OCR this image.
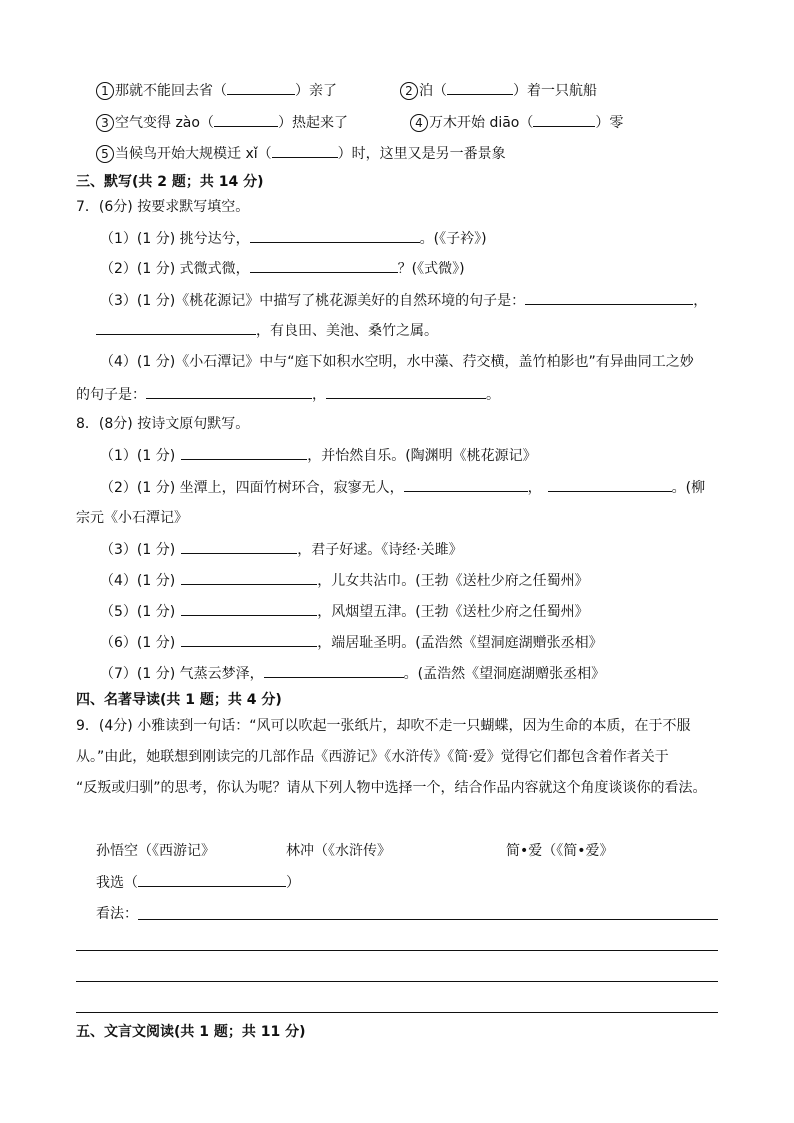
1 那就不能回去省（	）亲了	2 泊（	）着一只航船
3 空气变得 zào（	）热起来了	4 万木开始 diāo（	）零
5 当候鸟开始大规模迁 xǐ（	）时，这里又是另一番景象
三、默写(共 2 题；共 14 分)
7．(6分) 按要求默写填空。
（1）(1 分) 挑兮达兮，	。(《子衿》)
（2）(1 分) 式微式微，	？(《式微》)
（3）(1 分)《桃花源记》中描写了桃花源美好的自然环境的句子是：	，
，有良田、美池、桑竹之属。
（4）(1 分)《小石潭记》中与“庭下如积水空明，水中藻、荇交横，盖竹柏影也”有异曲同工之妙
的句子是：	，	。
8．(8分) 按诗文原句默写。
（1）(1 分)	，并怡然自乐。(陶渊明《桃花源记》
（2）(1 分) 坐潭上，四面竹树环合，寂寥无人，	，	。(柳
宗元《小石潭记》
（3）(1 分)	，君子好逑。《诗经·关雎》
（4）(1 分)	，儿女共沾巾。(王勃《送杜少府之任蜀州》
（5）(1 分)	，风烟望五津。(王勃《送杜少府之任蜀州》
（6）(1 分)	，端居耻圣明。(孟浩然《望洞庭湖赠张丞相》
（7）(1 分) 气蒸云梦泽，	。(孟浩然《望洞庭湖赠张丞相》
四、名著导读(共 1 题；共 4 分)
9．(4分) 小雅读到一句话：“风可以吹起一张纸片，却吹不走一只蝴蝶，因为生命的本质，在于不服
从。”由此，她联想到刚读完的几部作品《西游记》《水浒传》《简·爱》觉得它们都包含着作者关于
“反叛或归驯”的思考，你认为呢？请从下列人物中选择一个，结合作品内容就这个角度谈谈你的看法。
孙悟空（《西游记》	林冲（《水浒传》	简•爱（《简•爱》
我选（	）
看法：
五、文言文阅读(共 1 题；共 11 分)
